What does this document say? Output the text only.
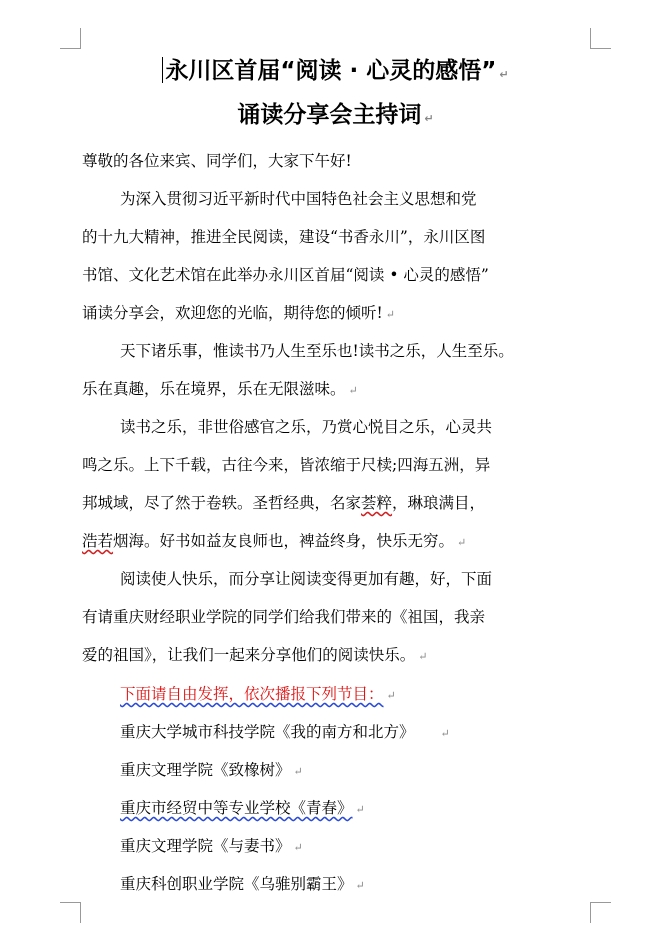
永川区首届“阅读 · 心灵的感悟” ↵
诵读分享会主持词 ↵
尊敬的各位来宾、同学们，大家下午好!
为深入贯彻习近平新时代中国特色社会主义思想和党
的十九大精神，推进全民阅读，建设“书香永川”，永川区图
书馆、文化艺术馆在此举办永川区首届“阅读 • 心灵的感悟”
诵读分享会，欢迎您的光临，期待您的倾听! ↵
天下诸乐事，惟读书乃人生至乐也!读书之乐，人生至乐。
乐在真趣，乐在境界，乐在无限滋味。 ↵
读书之乐，非世俗感官之乐，乃赏心悦目之乐，心灵共
鸣之乐。上下千载，古往今来，皆浓缩于尺椟;四海五洲，异
邦城域，尽了然于卷轶。圣哲经典，名家荟粹，琳琅满目，
浩若烟海。好书如益友良师也，裨益终身，快乐无穷。 ↵
阅读使人快乐，而分享让阅读变得更加有趣，好，下面
有请重庆财经职业学院的同学们给我们带来的《祖国，我亲
爱的祖国》，让我们一起来分享他们的阅读快乐。 ↵
下面请自由发挥，依次播报下列节目： ↵
重庆大学城市科技学院《我的南方和北方》 ↵
重庆文理学院《致橡树》 ↵
重庆市经贸中等专业学校《青春》 ↵
重庆文理学院《与妻书》 ↵
重庆科创职业学院《乌骓别霸王》 ↵
